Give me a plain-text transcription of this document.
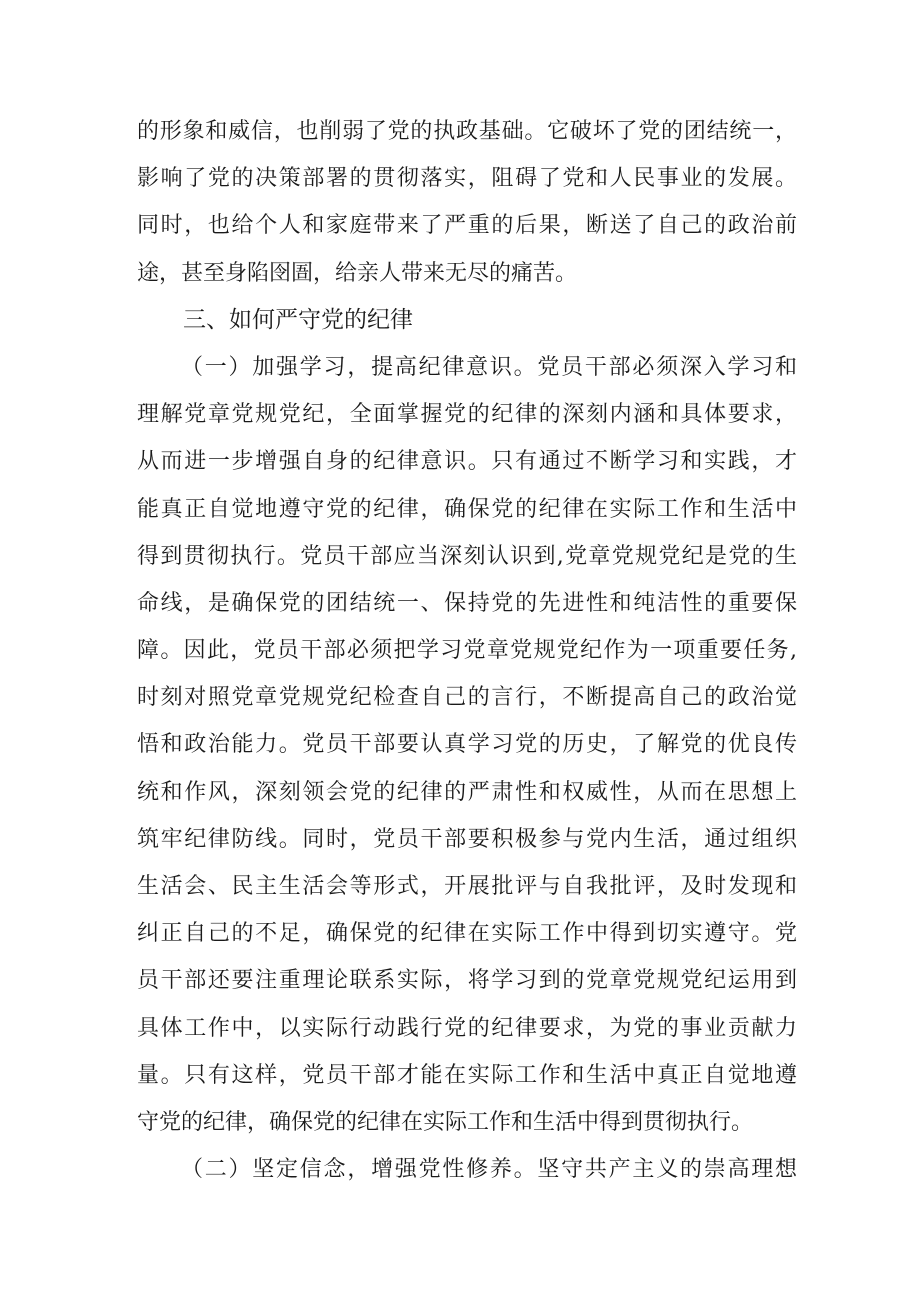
的形象和威信，也削弱了党的执政基础。它破坏了党的团结统一，
影响了党的决策部署的贯彻落实，阻碍了党和人民事业的发展。
同时，也给个人和家庭带来了严重的后果，断送了自己的政治前
途，甚至身陷囹圄，给亲人带来无尽的痛苦。
三、如何严守党的纪律
（一）加强学习，提高纪律意识。党员干部必须深入学习和
理解党章党规党纪，全面掌握党的纪律的深刻内涵和具体要求，
从而进一步增强自身的纪律意识。只有通过不断学习和实践，才
能真正自觉地遵守党的纪律，确保党的纪律在实际工作和生活中
得到贯彻执行。党员干部应当深刻认识到,党章党规党纪是党的生
命线，是确保党的团结统一、保持党的先进性和纯洁性的重要保
障。因此，党员干部必须把学习党章党规党纪作为一项重要任务,
时刻对照党章党规党纪检查自己的言行，不断提高自己的政治觉
悟和政治能力。党员干部要认真学习党的历史，了解党的优良传
统和作风，深刻领会党的纪律的严肃性和权威性，从而在思想上
筑牢纪律防线。同时，党员干部要积极参与党内生活，通过组织
生活会、民主生活会等形式，开展批评与自我批评，及时发现和
纠正自己的不足，确保党的纪律在实际工作中得到切实遵守。党
员干部还要注重理论联系实际，将学习到的党章党规党纪运用到
具体工作中，以实际行动践行党的纪律要求，为党的事业贡献力
量。只有这样，党员干部才能在实际工作和生活中真正自觉地遵
守党的纪律，确保党的纪律在实际工作和生活中得到贯彻执行。
（二）坚定信念，增强党性修养。坚守共产主义的崇高理想
